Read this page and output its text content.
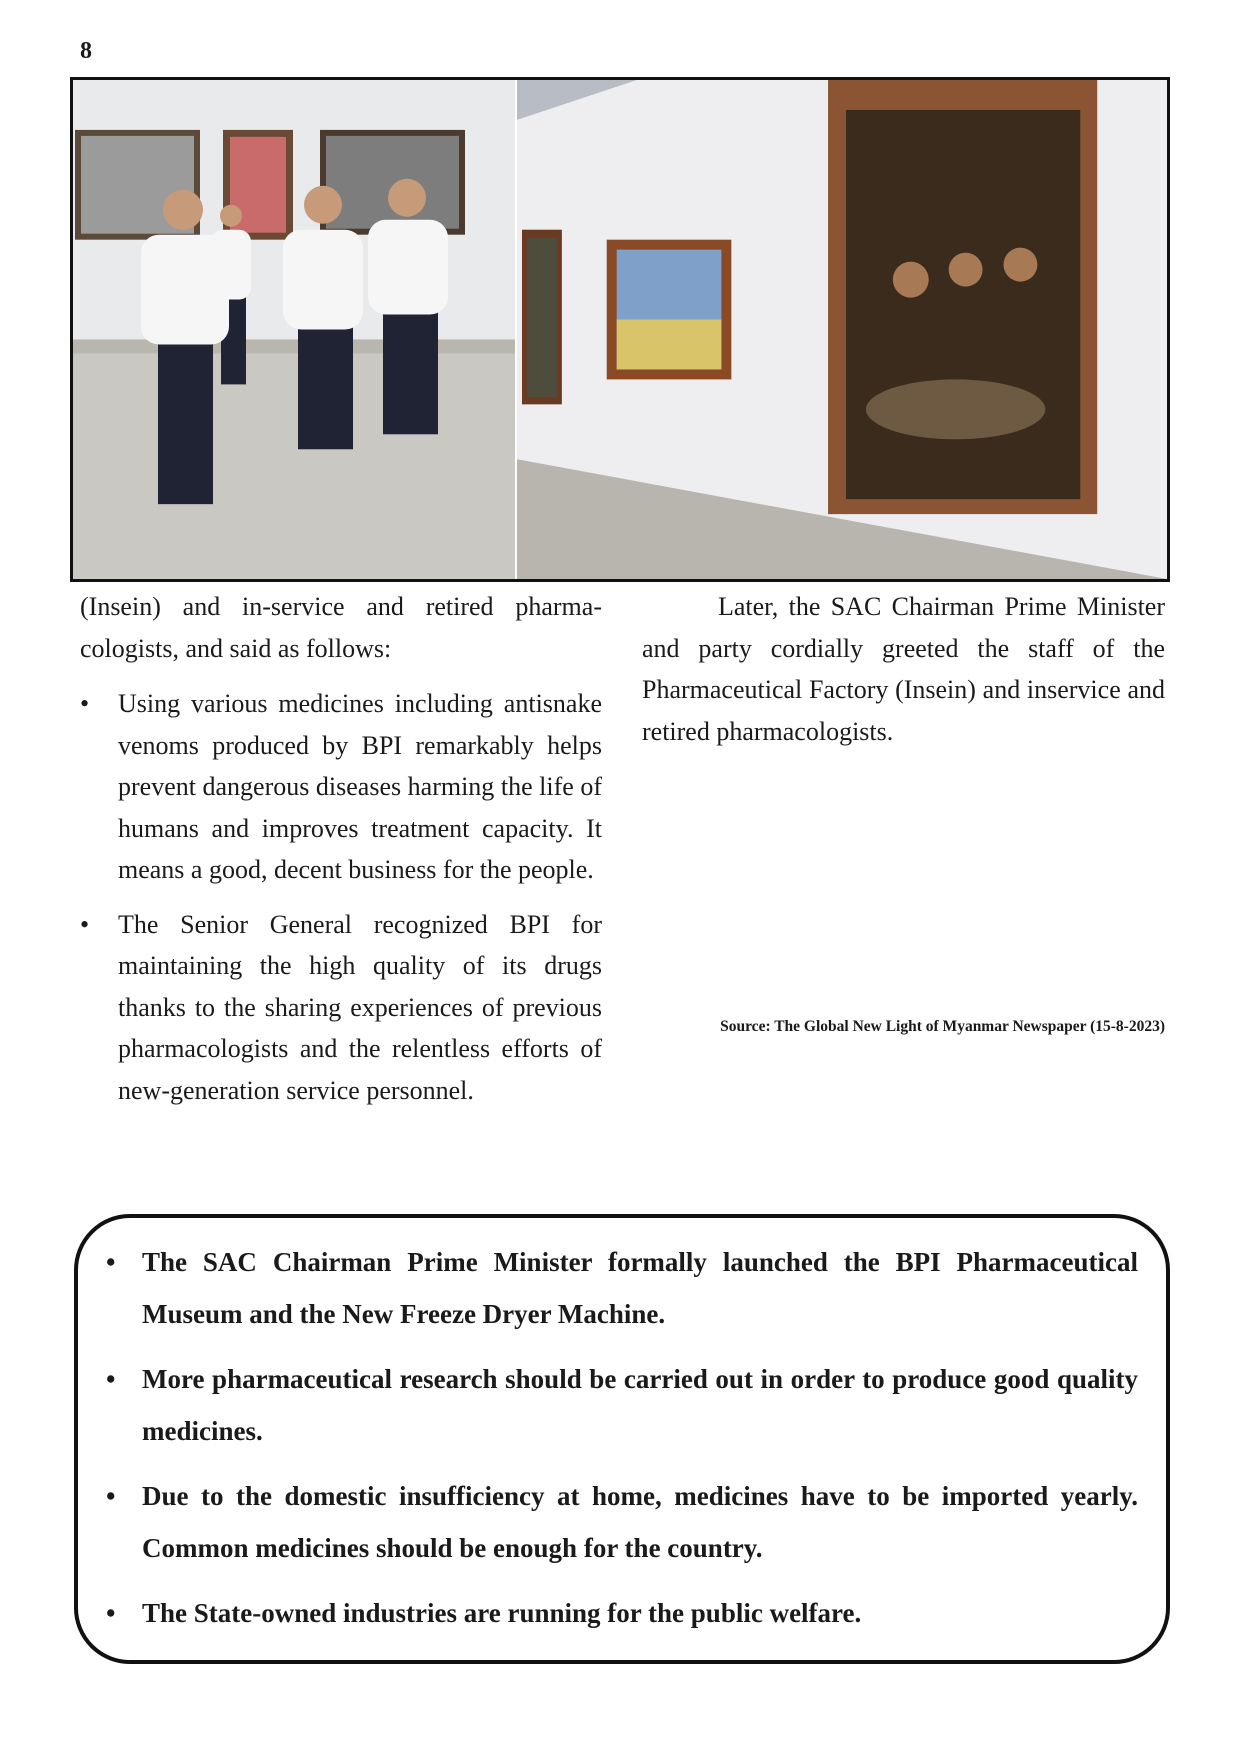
8

(Insein) and in-service and retired pharmacologists, and said as follows:

• Using various medicines including antisnake venoms produced by BPI remarkably helps prevent dangerous diseases harming the life of humans and improves treatment capacity. It means a good, decent business for the people.
• The Senior General recognized BPI for maintaining the high quality of its drugs thanks to the sharing experiences of previous pharmacologists and the relentless efforts of new-generation service personnel.

Later, the SAC Chairman Prime Minister and party cordially greeted the staff of the Pharmaceutical Factory (Insein) and inservice and retired pharmacologists.

Source: The Global New Light of Myanmar Newspaper (15-8-2023)
• The SAC Chairman Prime Minister formally launched the BPI Pharmaceutical Museum and the New Freeze Dryer Machine.
• More pharmaceutical research should be carried out in order to produce good quality medicines.
• Due to the domestic insufficiency at home, medicines have to be imported yearly. Common medicines should be enough for the country.
• The State-owned industries are running for the public welfare.
